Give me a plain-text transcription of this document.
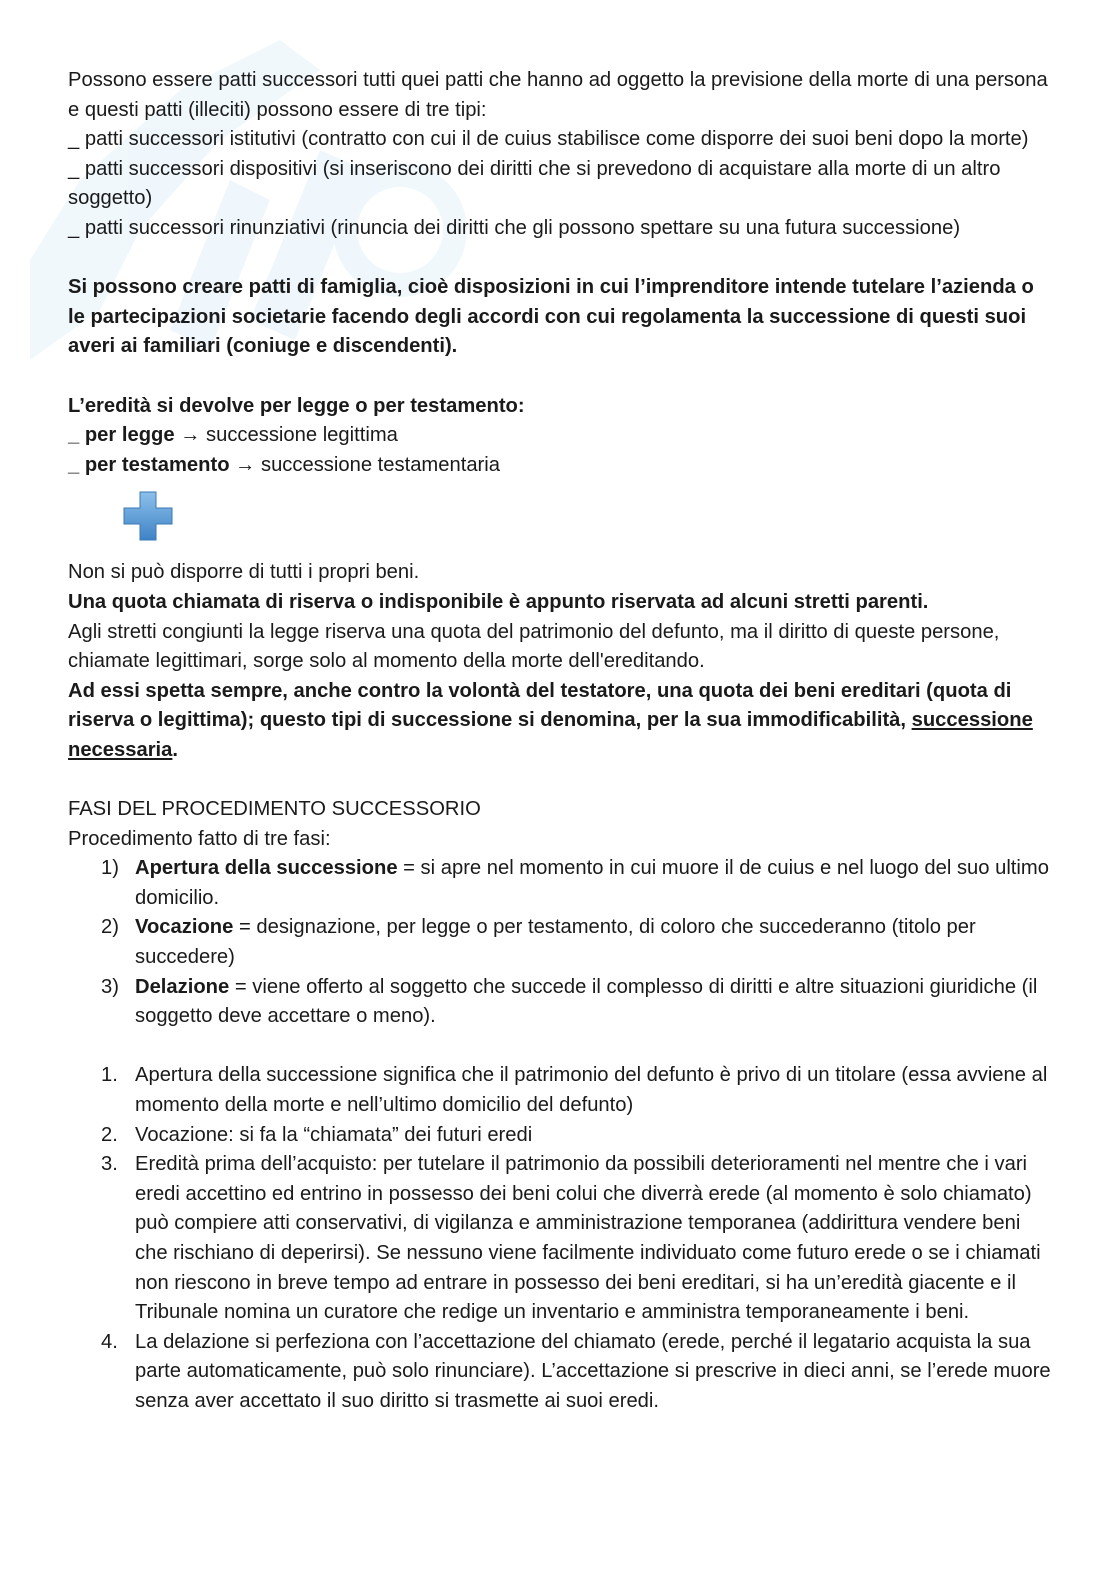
Possono essere patti successori tutti quei patti che hanno ad oggetto la previsione della morte di una persona e questi patti (illeciti) possono essere di tre tipi:

_ patti successori istitutivi (contratto con cui il de cuius stabilisce come disporre dei suoi beni dopo la morte)

_ patti successori dispositivi (si inseriscono dei diritti che si prevedono di acquistare alla morte di un altro soggetto)

_ patti successori rinunziativi (rinuncia dei diritti che gli possono spettare su una futura successione)

Si possono creare patti di famiglia, cioè disposizioni in cui l’imprenditore intende tutelare l’azienda o le partecipazioni societarie facendo degli accordi con cui regolamenta la successione di questi suoi averi ai familiari (coniuge e discendenti).

L’eredità si devolve per legge o per testamento:

_ per legge → successione legittima

_ per testamento → successione testamentaria

Non si può disporre di tutti i propri beni.

Una quota chiamata di riserva o indisponibile è appunto riservata ad alcuni stretti parenti.

Agli stretti congiunti la legge riserva una quota del patrimonio del defunto, ma il diritto di queste persone, chiamate legittimari, sorge solo al momento della morte dell'ereditando.

Ad essi spetta sempre, anche contro la volontà del testatore, una quota dei beni ereditari (quota di riserva o legittima); questo tipi di successione si denomina, per la sua immodificabilità, successione necessaria.

FASI DEL PROCEDIMENTO SUCCESSORIO

Procedimento fatto di tre fasi:

1) Apertura della successione = si apre nel momento in cui muore il de cuius e nel luogo del suo ultimo domicilio.
2) Vocazione = designazione, per legge o per testamento, di coloro che succederanno (titolo per succedere)
3) Delazione = viene offerto al soggetto che succede il complesso di diritti e altre situazioni giuridiche (il soggetto deve accettare o meno).
1. Apertura della successione significa che il patrimonio del defunto è privo di un titolare (essa avviene al momento della morte e nell’ultimo domicilio del defunto)
2. Vocazione: si fa la “chiamata” dei futuri eredi
3. Eredità prima dell’acquisto: per tutelare il patrimonio da possibili deterioramenti nel mentre che i vari eredi accettino ed entrino in possesso dei beni colui che diverrà erede (al momento è solo chiamato) può compiere atti conservativi, di vigilanza e amministrazione temporanea (addirittura vendere beni che rischiano di deperirsi). Se nessuno viene facilmente individuato come futuro erede o se i chiamati non riescono in breve tempo ad entrare in possesso dei beni ereditari, si ha un’eredità giacente e il Tribunale nomina un curatore che redige un inventario e amministra temporaneamente i beni.
4. La delazione si perfeziona con l’accettazione del chiamato (erede, perché il legatario acquista la sua parte automaticamente, può solo rinunciare). L’accettazione si prescrive in dieci anni, se l’erede muore senza aver accettato il suo diritto si trasmette ai suoi eredi.
